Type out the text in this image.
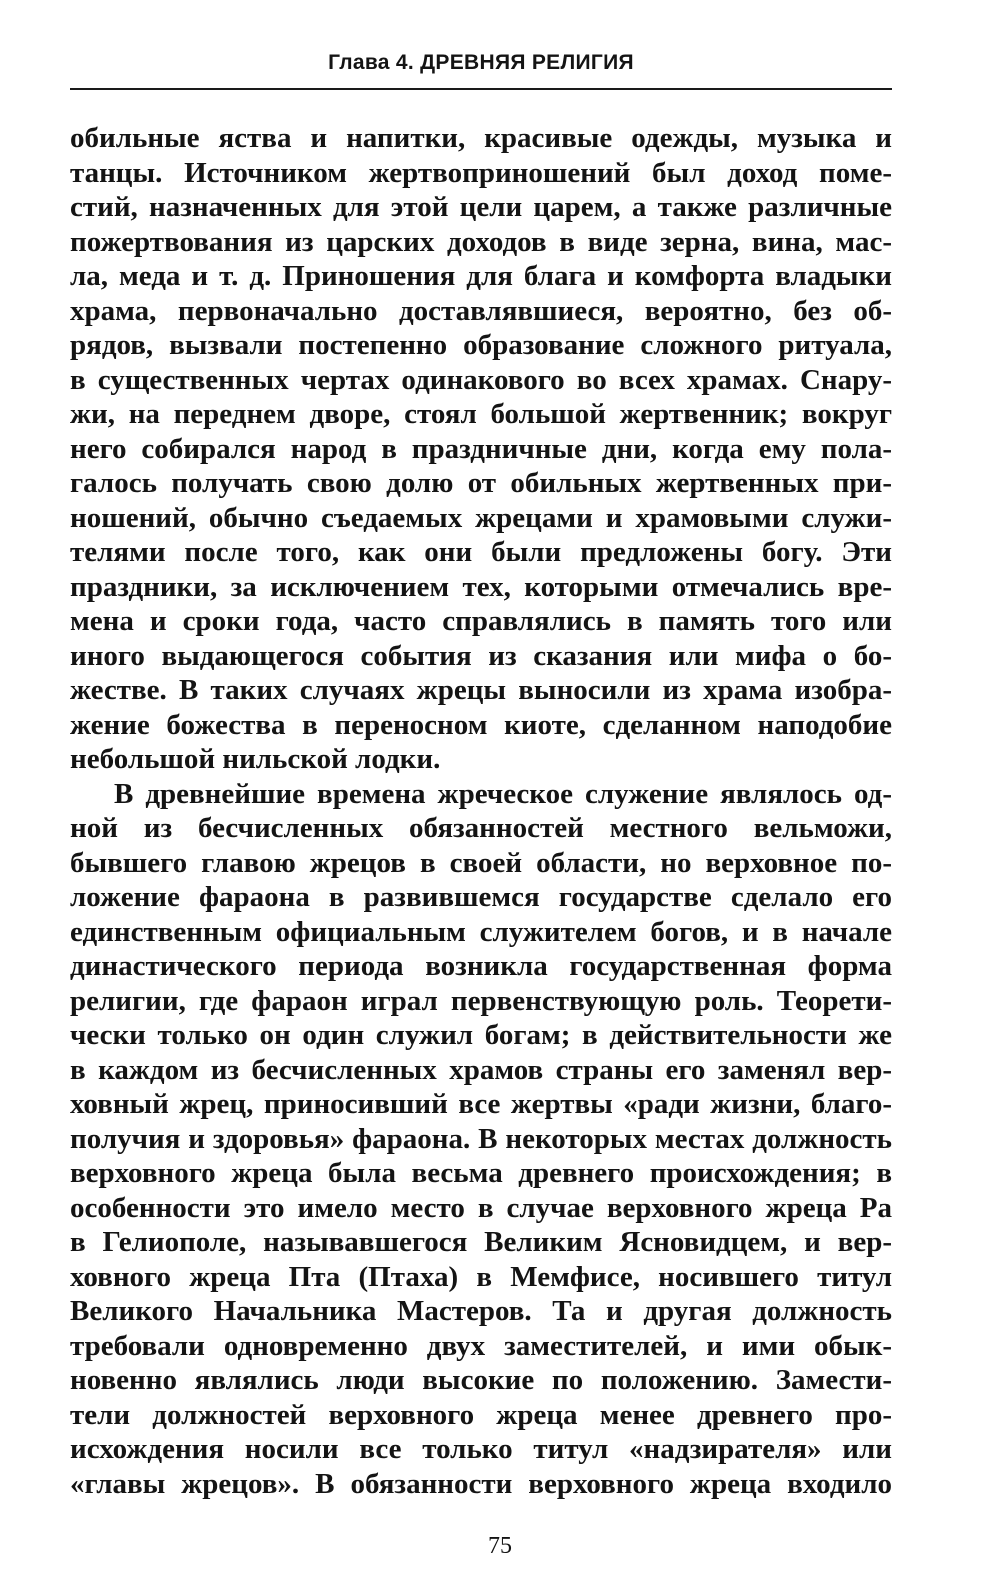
Глава 4. ДРЕВНЯЯ РЕЛИГИЯ
обильные яства и напитки, красивые одежды, музыка и
танцы. Источником жертвоприношений был доход поме-
стий, назначенных для этой цели царем, а также различные
пожертвования из царских доходов в виде зерна, вина, мас-
ла, меда и т. д. Приношения для блага и комфорта владыки
храма, первоначально доставлявшиеся, вероятно, без об-
рядов, вызвали постепенно образование сложного ритуала,
в существенных чертах одинакового во всех храмах. Снару-
жи, на переднем дворе, стоял большой жертвенник; вокруг
него собирался народ в праздничные дни, когда ему пола-
галось получать свою долю от обильных жертвенных при-
ношений, обычно съедаемых жрецами и храмовыми служи-
телями после того, как они были предложены богу. Эти
праздники, за исключением тех, которыми отмечались вре-
мена и сроки года, часто справлялись в память того или
иного выдающегося события из сказания или мифа о бо-
жестве. В таких случаях жрецы выносили из храма изобра-
жение божества в переносном киоте, сделанном наподобие
небольшой нильской лодки.
В древнейшие времена жреческое служение являлось од-
ной из бесчисленных обязанностей местного вельможи,
бывшего главою жрецов в своей области, но верховное по-
ложение фараона в развившемся государстве сделало его
единственным официальным служителем богов, и в начале
династического периода возникла государственная форма
религии, где фараон играл первенствующую роль. Теорети-
чески только он один служил богам; в действительности же
в каждом из бесчисленных храмов страны его заменял вер-
ховный жрец, приносивший все жертвы «ради жизни, благо-
получия и здоровья» фараона. В некоторых местах должность
верховного жреца была весьма древнего происхождения; в
особенности это имело место в случае верховного жреца Ра
в Гелиополе, называвшегося Великим Ясновидцем, и вер-
ховного жреца Пта (Птаха) в Мемфисе, носившего титул
Великого Начальника Мастеров. Та и другая должность
требовали одновременно двух заместителей, и ими обык-
новенно являлись люди высокие по положению. Замести-
тели должностей верховного жреца менее древнего про-
исхождения носили все только титул «надзирателя» или
«главы жрецов». В обязанности верховного жреца входило
75
